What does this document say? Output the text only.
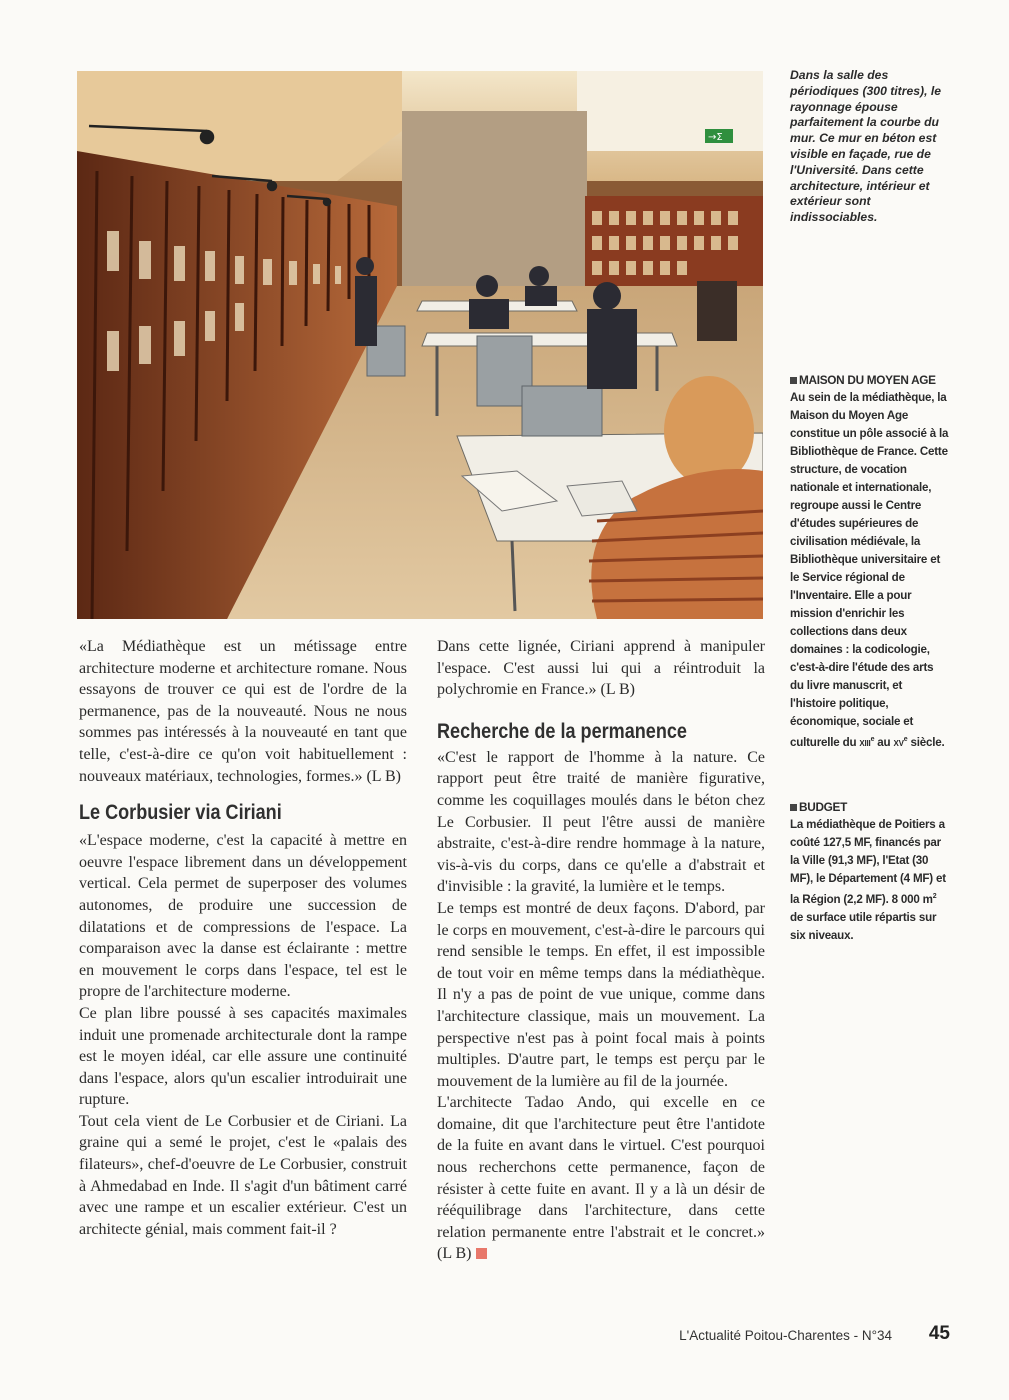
→Σ

Dans la salle des périodiques (300 titres), le rayonnage épouse parfaitement la courbe du mur. Ce mur en béton est visible en façade, rue de l'Université. Dans cette architecture, intérieur et extérieur sont indissociables.

MAISON DU MOYEN AGE

Au sein de la médiathèque, la Maison du Moyen Age constitue un pôle associé à la Bibliothèque de France. Cette structure, de vocation nationale et internationale, regroupe aussi le Centre d'études supérieures de civilisation médiévale, la Bibliothèque universitaire et le Service régional de l'Inventaire. Elle a pour mission d'enrichir les collections dans deux domaines : la codicologie, c'est-à-dire l'étude des arts du livre manuscrit, et l'histoire politique, économique, sociale et culturelle du XIIIe au XVe siècle.

BUDGET

La médiathèque de Poitiers a coûté 127,5 MF, financés par la Ville (91,3 MF), l'Etat (30 MF), le Département (4 MF) et la Région (2,2 MF). 8 000 $m^2$ de surface utile répartis sur six niveaux.

«La Médiathèque est un métissage entre architecture moderne et architecture romane. Nous essayons de trouver ce qui est de l'ordre de la permanence, pas de la nouveauté. Nous ne nous sommes pas intéressés à la nouveauté en tant que telle, c'est-à-dire ce qu'on voit habituellement : nouveaux matériaux, technologies, formes.» (L B)

Le Corbusier via Ciriani

«L'espace moderne, c'est la capacité à mettre en oeuvre l'espace librement dans un développement vertical. Cela permet de superposer des volumes autonomes, de produire une succession de dilatations et de compressions de l'espace. La comparaison avec la danse est éclairante : mettre en mouvement le corps dans l'espace, tel est le propre de l'architecture moderne.

Ce plan libre poussé à ses capacités maximales induit une promenade architecturale dont la rampe est le moyen idéal, car elle assure une continuité dans l'espace, alors qu'un escalier introduirait une rupture.

Tout cela vient de Le Corbusier et de Ciriani. La graine qui a semé le projet, c'est le «palais des filateurs», chef-d'oeuvre de Le Corbusier, construit à Ahmedabad en Inde. Il s'agit d'un bâtiment carré avec une rampe et un escalier extérieur. C'est un architecte génial, mais comment fait-il ?

Dans cette lignée, Ciriani apprend à manipuler l'espace. C'est aussi lui qui a réintroduit la polychromie en France.» (L B)

Recherche de la permanence

«C'est le rapport de l'homme à la nature. Ce rapport peut être traité de manière figurative, comme les coquillages moulés dans le béton chez Le Corbusier. Il peut l'être aussi de manière abstraite, c'est-à-dire rendre hommage à la nature, vis-à-vis du corps, dans ce qu'elle a d'abstrait et d'invisible : la gravité, la lumière et le temps.

Le temps est montré de deux façons. D'abord, par le corps en mouvement, c'est-à-dire le parcours qui rend sensible le temps. En effet, il est impossible de tout voir en même temps dans la médiathèque. Il n'y a pas de point de vue unique, comme dans l'architecture classique, mais un mouvement. La perspective n'est pas à point focal mais à points multiples. D'autre part, le temps est perçu par le mouvement de la lumière au fil de la journée.

L'architecte Tadao Ando, qui excelle en ce domaine, dit que l'architecture peut être l'antidote de la fuite en avant dans le virtuel. C'est pourquoi nous recherchons cette permanence, façon de résister à cette fuite en avant. Il y a là un désir de rééquilibrage dans l'architecture, dans cette relation permanente entre l'abstrait et le concret.» (L B)

L'Actualité Poitou-Charentes - N°34 45
